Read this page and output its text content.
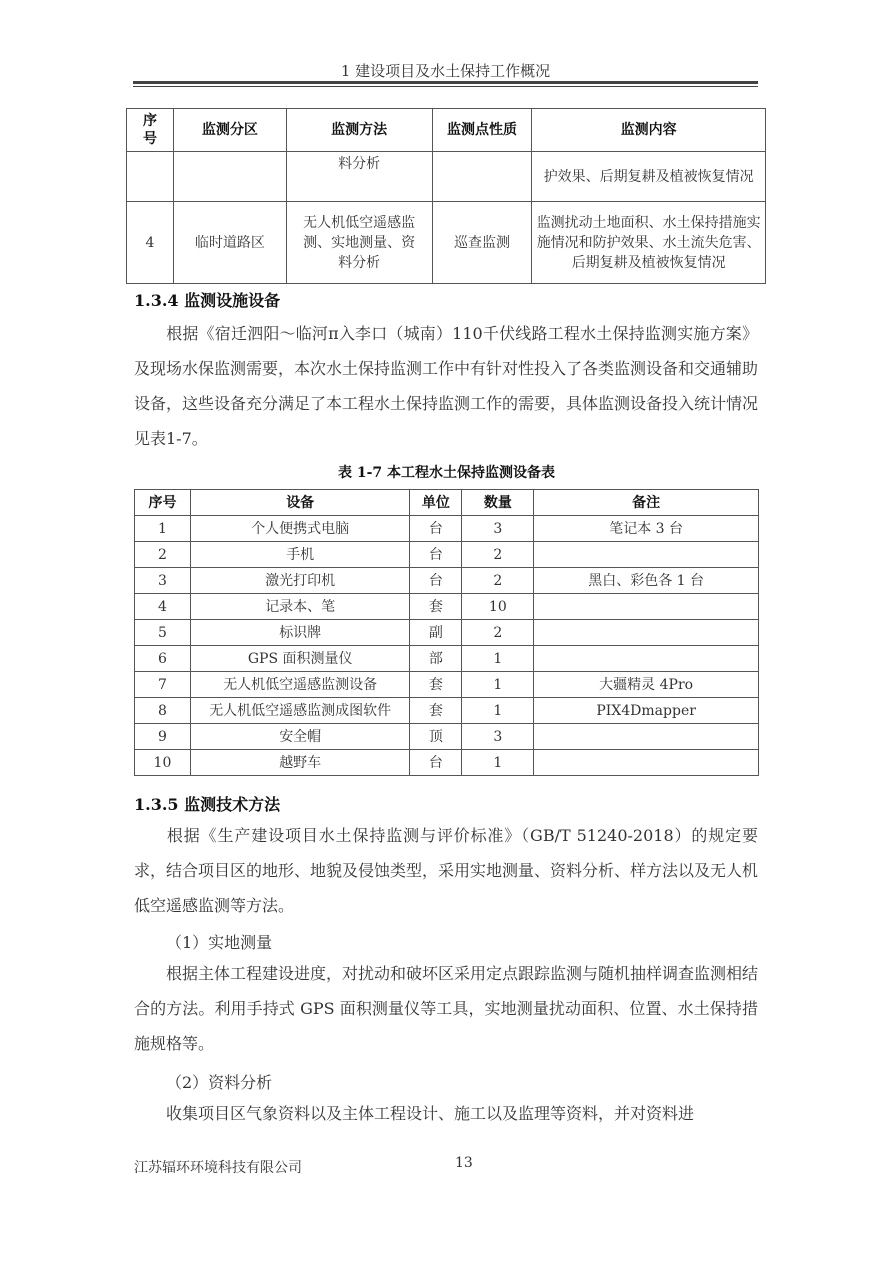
1 建设项目及水土保持工作概况
序号	监测分区	监测方法	监测点性质	监测内容
		料分析		护效果、后期复耕及植被恢复情况
4	临时道路区	无人机低空遥感监测、实地测量、资料分析	巡查监测	监测扰动土地面积、水土保持措施实施情况和防护效果、水土流失危害、后期复耕及植被恢复情况
1.3.4 监测设施设备
根据《宿迁泗阳～临河π入李口（城南）110千伏线路工程水土保持监测实施方案》及现场水保监测需要，本次水土保持监测工作中有针对性投入了各类监测设备和交通辅助设备，这些设备充分满足了本工程水土保持监测工作的需要，具体监测设备投入统计情况见表1-7。
表 1-7 本工程水土保持监测设备表
序号	设备	单位	数量	备注
1	个人便携式电脑	台	3	笔记本 3 台
2	手机	台	2	
3	激光打印机	台	2	黑白、彩色各 1 台
4	记录本、笔	套	10	
5	标识牌	副	2	
6	GPS 面积测量仪	部	1	
7	无人机低空遥感监测设备	套	1	大疆精灵 4Pro
8	无人机低空遥感监测成图软件	套	1	PIX4Dmapper
9	安全帽	顶	3	
10	越野车	台	1	
1.3.5 监测技术方法
根据《生产建设项目水土保持监测与评价标准》（GB/T 51240-2018）的规定要求，结合项目区的地形、地貌及侵蚀类型，采用实地测量、资料分析、样方法以及无人机低空遥感监测等方法。
（1）实地测量
根据主体工程建设进度，对扰动和破坏区采用定点跟踪监测与随机抽样调查监测相结合的方法。利用手持式 GPS 面积测量仪等工具，实地测量扰动面积、位置、水土保持措施规格等。
（2）资料分析
收集项目区气象资料以及主体工程设计、施工以及监理等资料，并对资料进
江苏辐环环境科技有限公司	13
